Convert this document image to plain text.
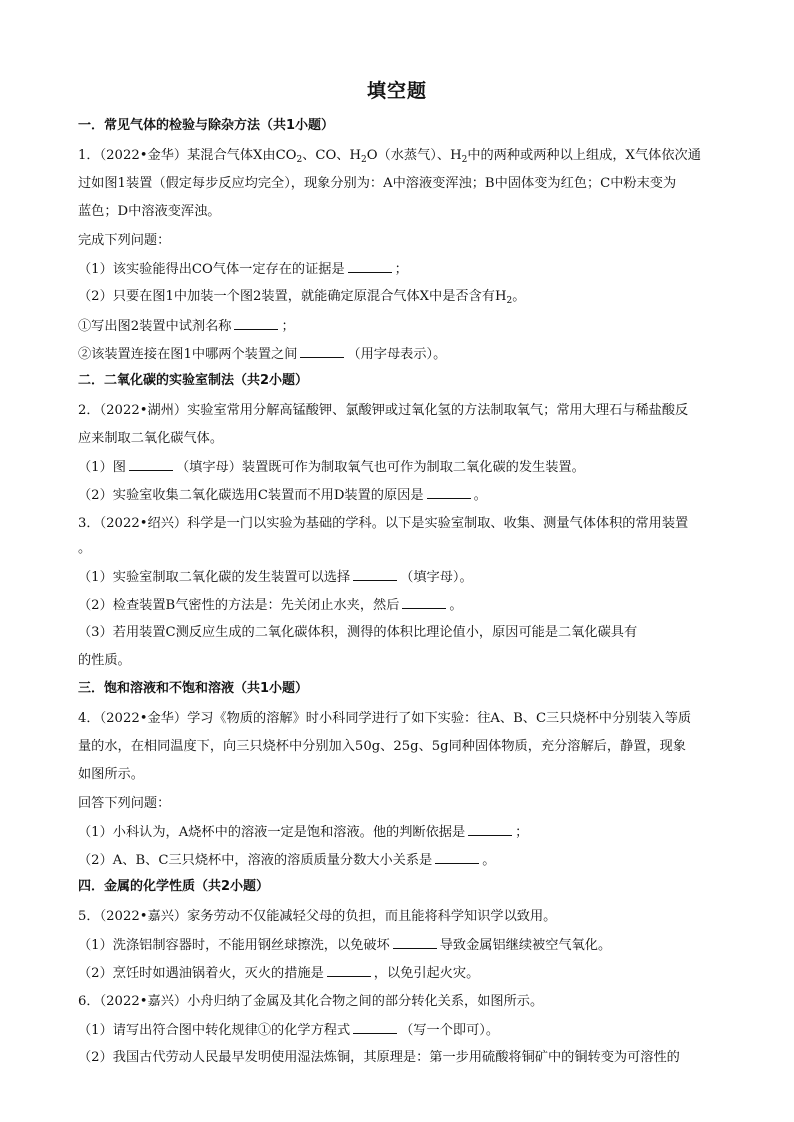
填空题
一．常见气体的检验与除杂方法（共1小题）
1．（2022•金华）某混合气体X由$CO_2$、CO、$H_2O$（水蒸气）、$H_2$中的两种或两种以上组成，X气体依次通
过如图1装置（假定每步反应均完全），现象分别为：A中溶液变浑浊；B中固体变为红色；C中粉末变为
蓝色；D中溶液变浑浊。
完成下列问题：
（1）该实验能得出CO气体一定存在的证据是	；
（2）只要在图1中加装一个图2装置，就能确定原混合气体X中是否含有$H_2$。
①写出图2装置中试剂名称	；
②该装置连接在图1中哪两个装置之间	（用字母表示）。
二．二氧化碳的实验室制法（共2小题）
2．（2022•湖州）实验室常用分解高锰酸钾、氯酸钾或过氧化氢的方法制取氧气；常用大理石与稀盐酸反
应来制取二氧化碳气体。
（1）图	（填字母）装置既可作为制取氧气也可作为制取二氧化碳的发生装置。
（2）实验室收集二氧化碳选用C装置而不用D装置的原因是	。
3．（2022•绍兴）科学是一门以实验为基础的学科。以下是实验室制取、收集、测量气体体积的常用装置
。
（1）实验室制取二氧化碳的发生装置可以选择	（填字母）。
（2）检查装置B气密性的方法是：先关闭止水夹，然后	。
（3）若用装置C测反应生成的二氧化碳体积，测得的体积比理论值小，原因可能是二氧化碳具有
的性质。
三．饱和溶液和不饱和溶液（共1小题）
4．（2022•金华）学习《物质的溶解》时小科同学进行了如下实验：往A、B、C三只烧杯中分别装入等质
量的水，在相同温度下，向三只烧杯中分别加入50g、25g、5g同种固体物质，充分溶解后，静置，现象
如图所示。
回答下列问题：
（1）小科认为，A烧杯中的溶液一定是饱和溶液。他的判断依据是	；
（2）A、B、C三只烧杯中，溶液的溶质质量分数大小关系是	。
四．金属的化学性质（共2小题）
5．（2022•嘉兴）家务劳动不仅能减轻父母的负担，而且能将科学知识学以致用。
（1）洗涤铝制容器时，不能用钢丝球擦洗，以免破坏	导致金属铝继续被空气氧化。
（2）烹饪时如遇油锅着火，灭火的措施是	，以免引起火灾。
6．（2022•嘉兴）小舟归纳了金属及其化合物之间的部分转化关系，如图所示。
（1）请写出符合图中转化规律①的化学方程式	（写一个即可）。
（2）我国古代劳动人民最早发明使用湿法炼铜，其原理是：第一步用硫酸将铜矿中的铜转变为可溶性的
